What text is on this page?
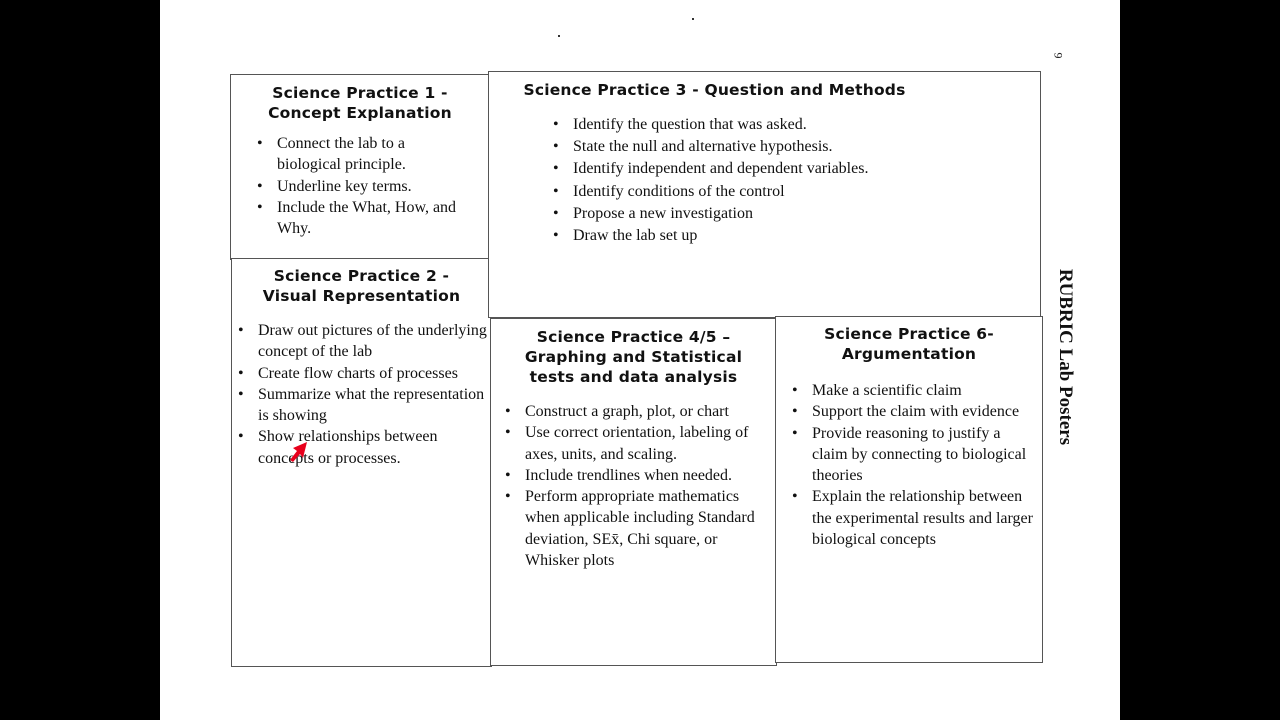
Science Practice 1 - Concept Explanation
• Connect the lab to a biological principle.
• Underline key terms.
• Include the What, How, and Why.
Science Practice 2 - Visual Representation
• Draw out pictures of the underlying concept of the lab
• Create flow charts of processes
• Summarize what the representation is showing
• Show relationships between concepts or processes.
Science Practice 3 - Question and Methods
• Identify the question that was asked.
• State the null and alternative hypothesis.
• Identify independent and dependent variables.
• Identify conditions of the control
• Propose a new investigation
• Draw the lab set up
Science Practice 4/5 – Graphing and Statistical tests and data analysis
• Construct a graph, plot, or chart
• Use correct orientation, labeling of axes, units, and scaling.
• Include trendlines when needed.
• Perform appropriate mathematics when applicable including Standard deviation, SEx̄, Chi square, or Whisker plots
Science Practice 6- Argumentation
• Make a scientific claim
• Support the claim with evidence
• Provide reasoning to justify a claim by connecting to biological theories
• Explain the relationship between the experimental results and larger biological concepts
RUBRIC Lab Posters
9
